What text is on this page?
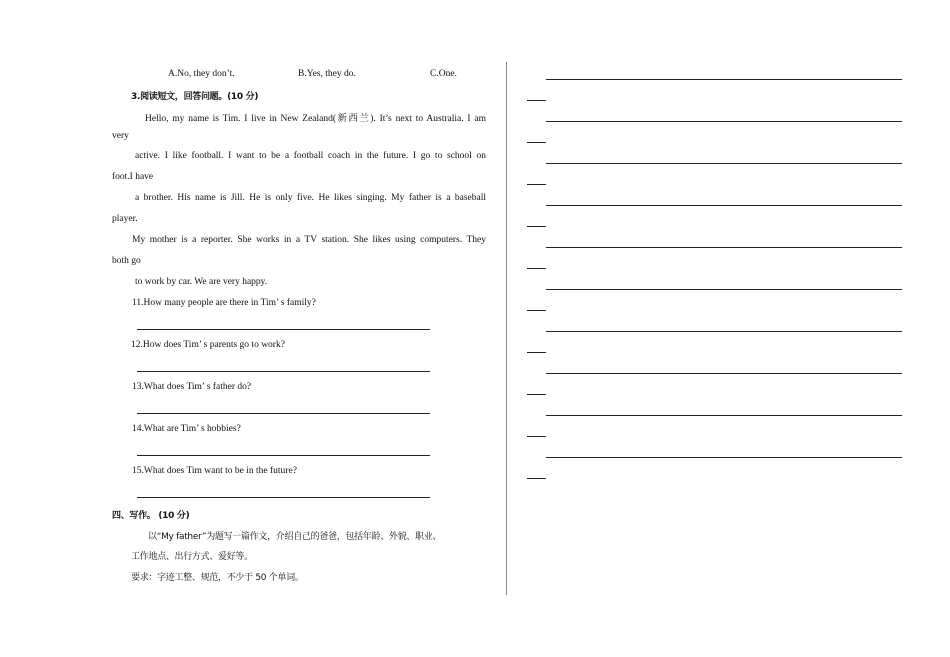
A.No, they don’t.	B.Yes, they do.	C.One.
3.阅读短文，回答问题。(10 分)
Hello, my name is Tim. I live in New Zealand(新西兰). It’s next to Australia. I am
very
active. I like football. I want to be a football coach in the future. I go to school on
foot.I have
a brother. His name is Jill. He is only five. He likes singing. My father is a baseball
player.
My mother is a reporter. She works in a TV station. She likes using computers. They
both go
to work by car. We are very happy.
11.How many people are there in Tim’ s family?
12.How does Tim’ s parents go to work?
13.What does Tim’ s father do?
14.What are Tim’ s hobbies?
15.What does Tim want to be in the future?
四、写作。 (10 分)
以“My father”为题写一篇作文，介绍自己的爸爸，包括年龄、外貌、职业、
工作地点、出行方式、爱好等。
要求：字迹工整、规范，不少于 50 个单词。
